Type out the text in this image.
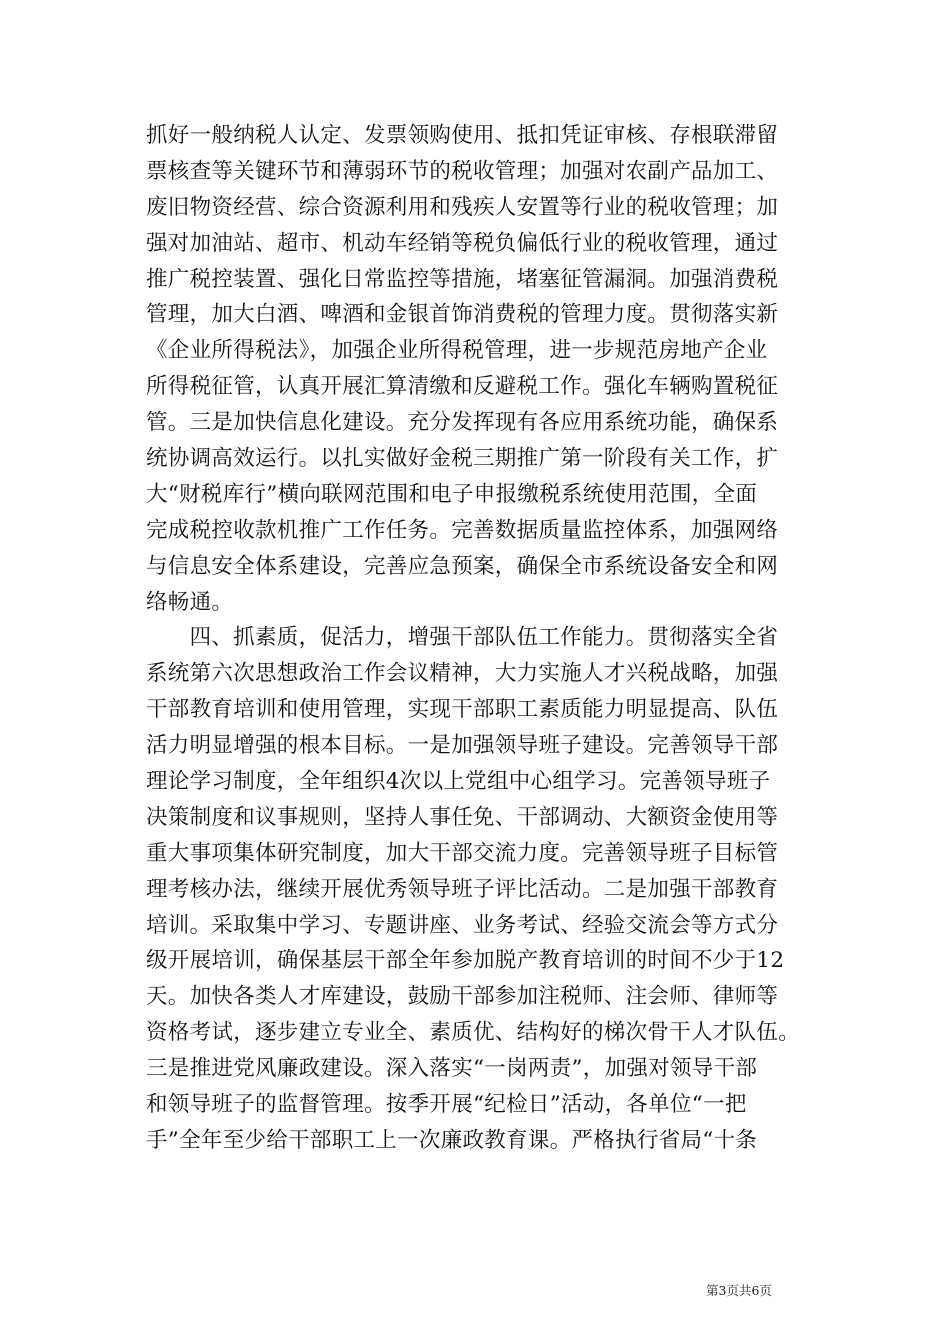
抓好一般纳税人认定、发票领购使用、抵扣凭证审核、存根联滞留
票核查等关键环节和薄弱环节的税收管理；加强对农副产品加工、
废旧物资经营、综合资源利用和残疾人安置等行业的税收管理；加
强对加油站、超市、机动车经销等税负偏低行业的税收管理，通过
推广税控装置、强化日常监控等措施，堵塞征管漏洞。加强消费税
管理，加大白酒、啤酒和金银首饰消费税的管理力度。贯彻落实新
《企业所得税法》，加强企业所得税管理，进一步规范房地产企业
所得税征管，认真开展汇算清缴和反避税工作。强化车辆购置税征
管。三是加快信息化建设。充分发挥现有各应用系统功能，确保系
统协调高效运行。以扎实做好金税三期推广第一阶段有关工作，扩
大“财税库行”横向联网范围和电子申报缴税系统使用范围，全面
完成税控收款机推广工作任务。完善数据质量监控体系，加强网络
与信息安全体系建设，完善应急预案，确保全市系统设备安全和网
络畅通。
　　四、抓素质，促活力，增强干部队伍工作能力。贯彻落实全省
系统第六次思想政治工作会议精神，大力实施人才兴税战略，加强
干部教育培训和使用管理，实现干部职工素质能力明显提高、队伍
活力明显增强的根本目标。一是加强领导班子建设。完善领导干部
理论学习制度，全年组织4次以上党组中心组学习。完善领导班子
决策制度和议事规则，坚持人事任免、干部调动、大额资金使用等
重大事项集体研究制度，加大干部交流力度。完善领导班子目标管
理考核办法，继续开展优秀领导班子评比活动。二是加强干部教育
培训。采取集中学习、专题讲座、业务考试、经验交流会等方式分
级开展培训，确保基层干部全年参加脱产教育培训的时间不少于12
天。加快各类人才库建设，鼓励干部参加注税师、注会师、律师等
资格考试，逐步建立专业全、素质优、结构好的梯次骨干人才队伍。
三是推进党风廉政建设。深入落实“一岗两责”，加强对领导干部
和领导班子的监督管理。按季开展“纪检日”活动，各单位“一把
手”全年至少给干部职工上一次廉政教育课。严格执行省局“十条
第3页共6页
